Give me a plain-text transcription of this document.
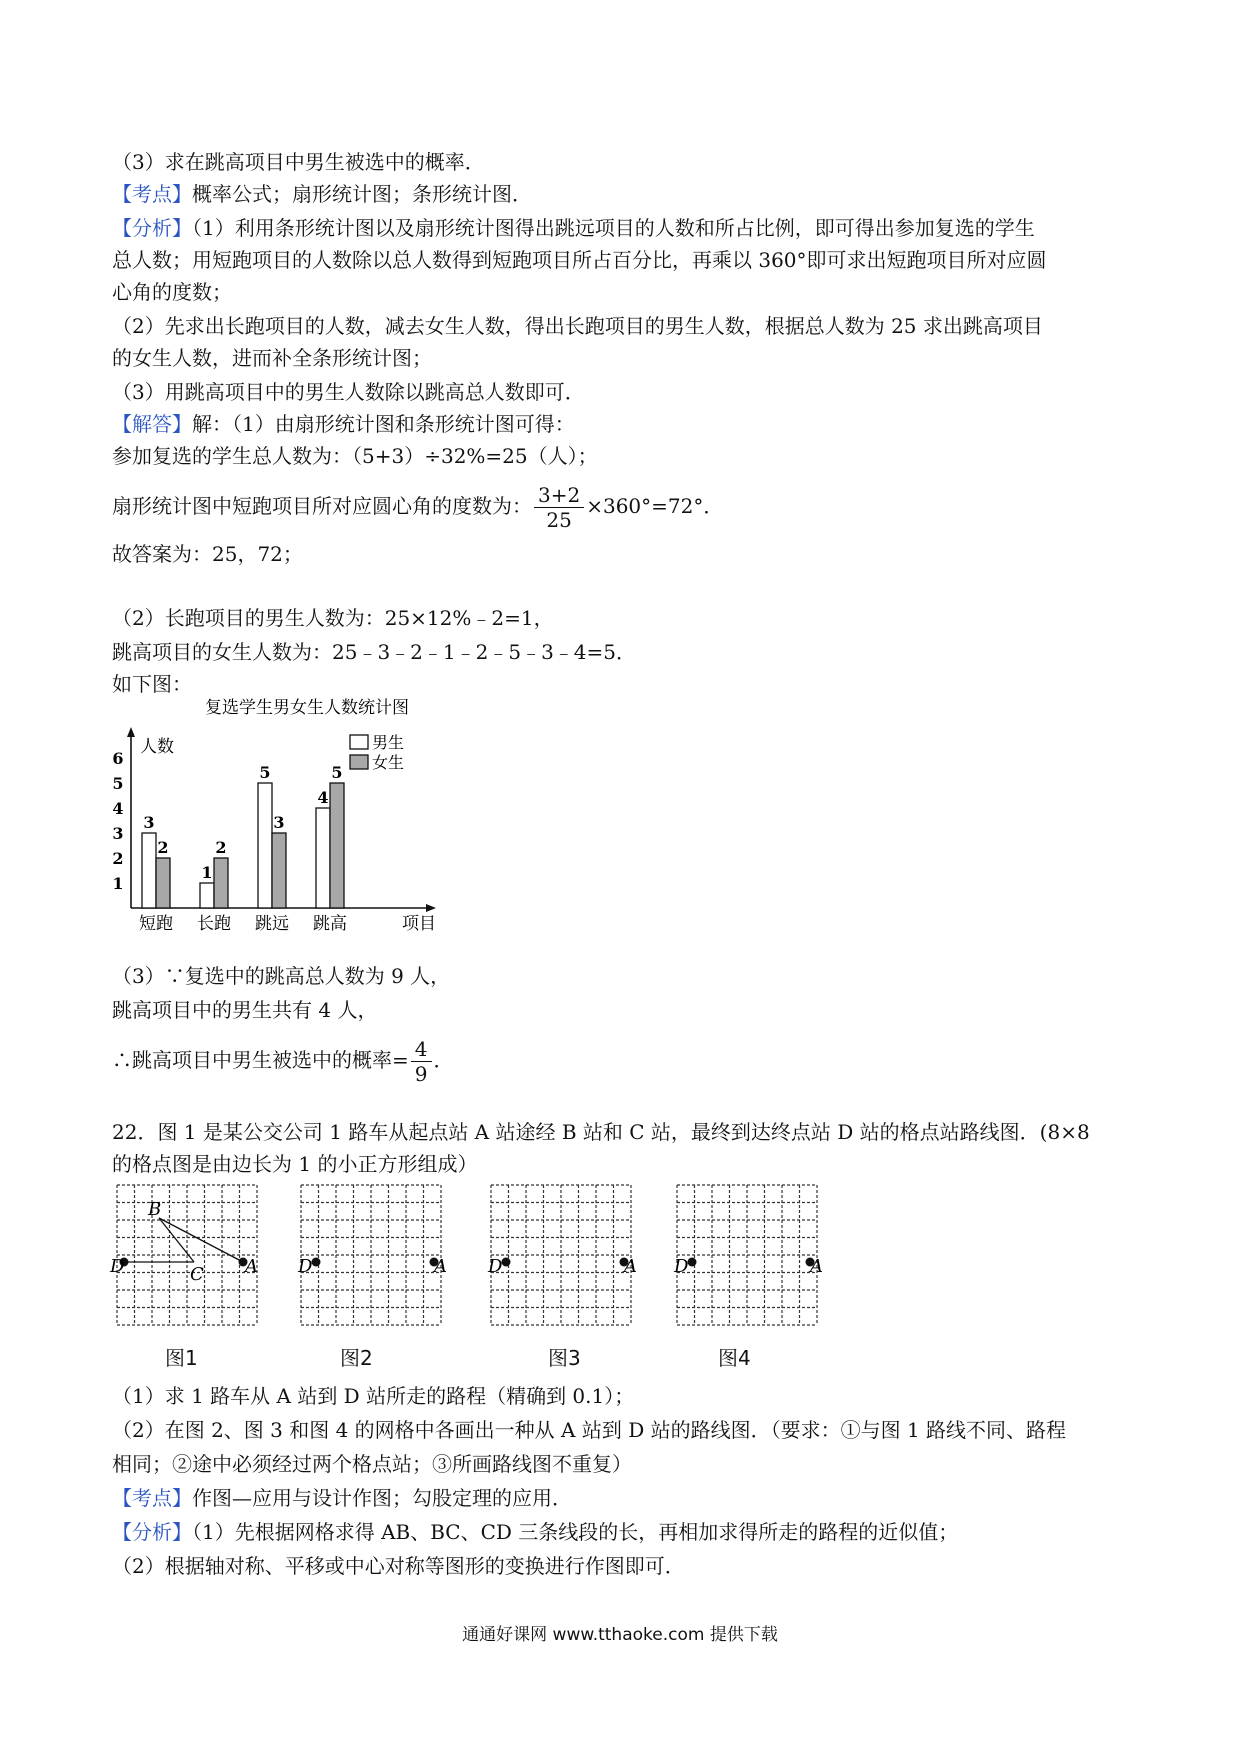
（3）求在跳高项目中男生被选中的概率．
【考点】概率公式；扇形统计图；条形统计图．
【分析】（1）利用条形统计图以及扇形统计图得出跳远项目的人数和所占比例，即可得出参加复选的学生
总人数；用短跑项目的人数除以总人数得到短跑项目所占百分比，再乘以 360°即可求出短跑项目所对应圆
心角的度数；
（2）先求出长跑项目的人数，减去女生人数，得出长跑项目的男生人数，根据总人数为 25 求出跳高项目
的女生人数，进而补全条形统计图；
（3）用跳高项目中的男生人数除以跳高总人数即可．
【解答】解：（1）由扇形统计图和条形统计图可得：
参加复选的学生总人数为：（5+3）÷32%=25（人）；
扇形统计图中短跑项目所对应圆心角的度数为： $\frac{3+2}{25} \times 360^\circ=72^\circ$．
故答案为：25，72；
（2）长跑项目的男生人数为：25×12%﹣2=1，
跳高项目的女生人数为：25﹣3﹣2﹣1﹣2﹣5﹣3﹣4=5．
如下图：
复选学生男女生人数统计图
人数
项目
1
2
3
4
5
6
3
2
1
2
5
3
4
5
短跑 长跑 跳远 跳高
男生
女生
（3）∵复选中的跳高总人数为 9 人，
跳高项目中的男生共有 4 人，
∴跳高项目中男生被选中的概率= $\frac{4}{9}$ ．
22．图 1 是某公交公司 1 路车从起点站 A 站途经 B 站和 C 站，最终到达终点站 D 站的格点站路线图．(8×8
的格点图是由边长为 1 的小正方形组成）
B
C
D	A D	A D	A D	A
图1	图2	图3	图4
（1）求 1 路车从 A 站到 D 站所走的路程（精确到 0.1）；
（2）在图 2、图 3 和图 4 的网格中各画出一种从 A 站到 D 站的路线图．（要求：①与图 1 路线不同、路程
相同；②途中必须经过两个格点站；③所画路线图不重复）
【考点】作图—应用与设计作图；勾股定理的应用．
【分析】（1）先根据网格求得 AB、BC、CD 三条线段的长，再相加求得所走的路程的近似值；
（2）根据轴对称、平移或中心对称等图形的变换进行作图即可．
通通好课网 www.tthaoke.com 提供下载
